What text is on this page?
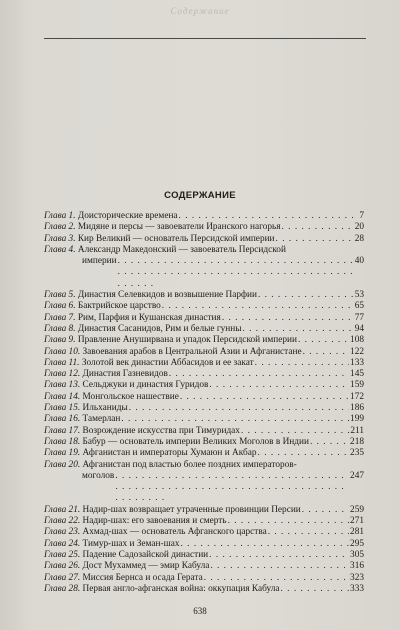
Содержание
СОДЕРЖАНИЕ
Глава 1. Доисторические времена . . .	7
Глава 2. Мидяне и персы — завоеватели Иранского нагорья . . .	20
Глава 3. Кир Великий — основатель Персидской империи . . .	28
Глава 4. Александр Македонский — завоеватель Персидской
империи . . .	40
Глава 5. Династия Селевкидов и возвышение Парфии . . .	53
Глава 6. Бактрийское царство . . .	65
Глава 7. Рим, Парфия и Кушанская династия . . .	77
Глава 8. Династия Сасанидов, Рим и белые гунны . . .	94
Глава 9. Правление Ануширвана и упадок Персидской империи . . .	108
Глава 10. Завоевания арабов в Центральной Азии и Афганистане . . .	122
Глава 11. Золотой век династии Аббасидов и ее закат . . .	133
Глава 12. Династия Газневидов . . .	145
Глава 13. Сельджуки и династия Гуридов . . .	159
Глава 14. Монгольское нашествие . . .	172
Глава 15. Ильханиды . . .	186
Глава 16. Тамерлан . . .	199
Глава 17. Возрождение искусства при Тимуридах . . .	211
Глава 18. Бабур — основатель империи Великих Моголов в Индии . . .	218
Глава 19. Афганистан и императоры Хумаюн и Акбар . . .	235
Глава 20. Афганистан под властью более поздних императоров-
моголов . . .	247
Глава 21. Надир-шах возвращает утраченные провинции Персии . . .	259
Глава 22. Надир-шах: его завоевания и смерть . . .	271
Глава 23. Ахмад-шах — основатель Афганского царства . . .	281
Глава 24. Тимур-шах и Земан-шах . . .	295
Глава 25. Падение Садозайской династии . . .	305
Глава 26. Дост Мухаммед — эмир Кабула . . .	316
Глава 27. Миссия Бернса и осада Герата . . .	323
Глава 28. Первая англо-афганская война: оккупация Кабула . . .	333
638
